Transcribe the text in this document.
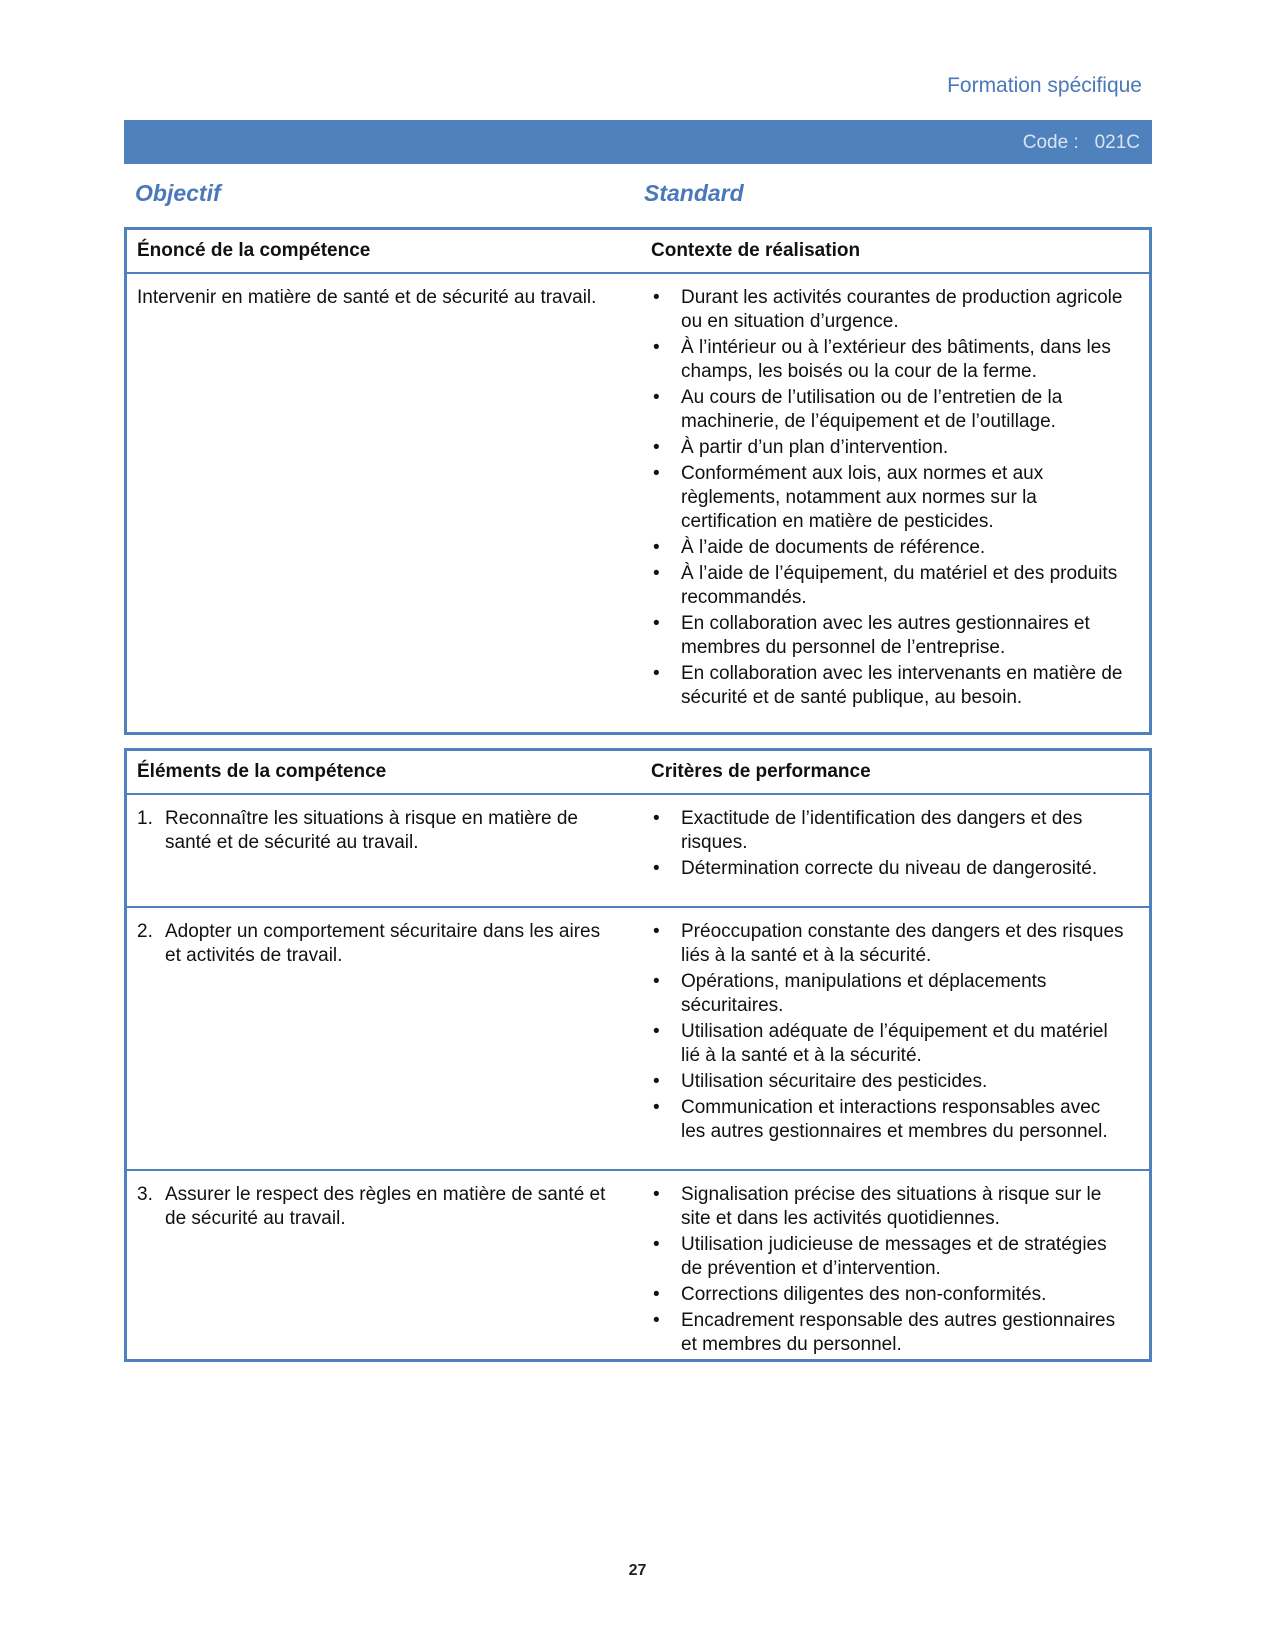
Formation spécifique
Code :   021C
Objectif	Standard
Énoncé de la compétence	Contexte de réalisation
Intervenir en matière de santé et de sécurité au travail.	• Durant les activités courantes de production agricole ou en situation d’urgence.
• À l’intérieur ou à l’extérieur des bâtiments, dans les champs, les boisés ou la cour de la ferme.
• Au cours de l’utilisation ou de l’entretien de la machinerie, de l’équipement et de l’outillage.
• À partir d’un plan d’intervention.
• Conformément aux lois, aux normes et aux règlements, notamment aux normes sur la certification en matière de pesticides.
• À l’aide de documents de référence.
• À l’aide de l’équipement, du matériel et des produits recommandés.
• En collaboration avec les autres gestionnaires et membres du personnel de l’entreprise.
• En collaboration avec les intervenants en matière de sécurité et de santé publique, au besoin.
Éléments de la compétence	Critères de performance
1. Reconnaître les situations à risque en matière de santé et de sécurité au travail.
• Exactitude de l’identification des dangers et des risques.
• Détermination correcte du niveau de dangerosité.
2. Adopter un comportement sécuritaire dans les aires et activités de travail.
• Préoccupation constante des dangers et des risques liés à la santé et à la sécurité.
• Opérations, manipulations et déplacements sécuritaires.
• Utilisation adéquate de l’équipement et du matériel lié à la santé et à la sécurité.
• Utilisation sécuritaire des pesticides.
• Communication et interactions responsables avec les autres gestionnaires et membres du personnel.
3. Assurer le respect des règles en matière de santé et de sécurité au travail.
• Signalisation précise des situations à risque sur le site et dans les activités quotidiennes.
• Utilisation judicieuse de messages et de stratégies de prévention et d’intervention.
• Corrections diligentes des non-conformités.
• Encadrement responsable des autres gestionnaires et membres du personnel.
27
